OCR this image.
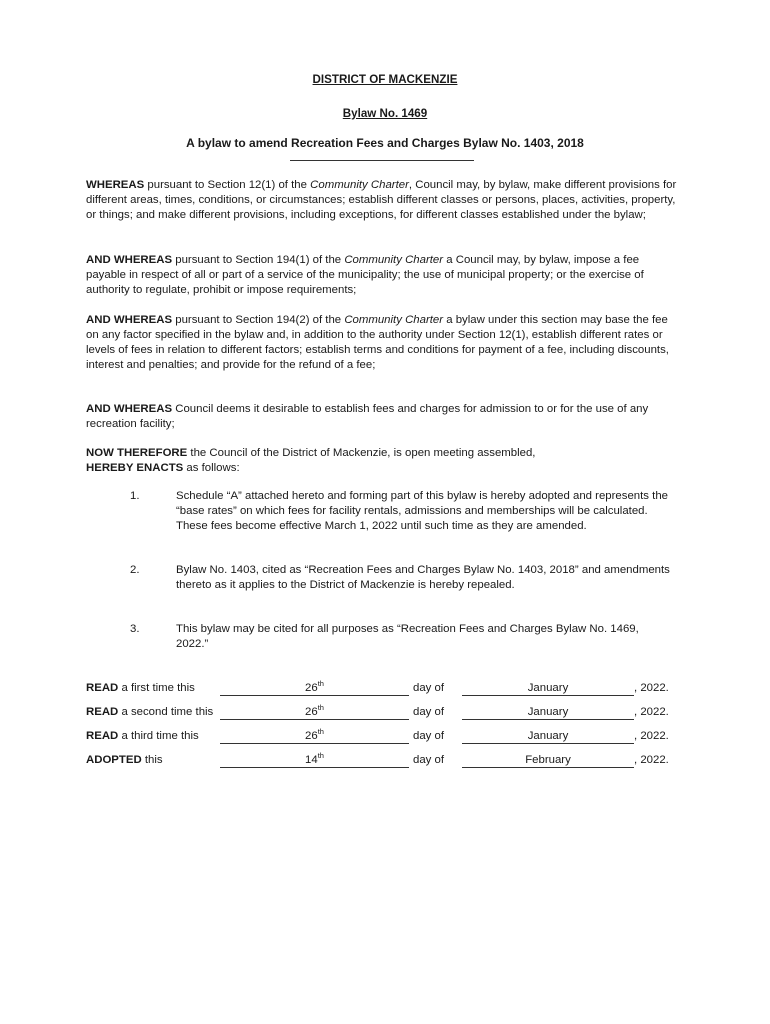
DISTRICT OF MACKENZIE
Bylaw No. 1469
A bylaw to amend Recreation Fees and Charges Bylaw No. 1403, 2018
WHEREAS pursuant to Section 12(1) of the Community Charter, Council may, by bylaw, make different provisions for different areas, times, conditions, or circumstances; establish different classes or persons, places, activities, property, or things; and make different provisions, including exceptions, for different classes established under the bylaw;
AND WHEREAS pursuant to Section 194(1) of the Community Charter a Council may, by bylaw, impose a fee payable in respect of all or part of a service of the municipality; the use of municipal property; or the exercise of authority to regulate, prohibit or impose requirements;
AND WHEREAS pursuant to Section 194(2) of the Community Charter a bylaw under this section may base the fee on any factor specified in the bylaw and, in addition to the authority under Section 12(1), establish different rates or levels of fees in relation to different factors; establish terms and conditions for payment of a fee, including discounts, interest and penalties; and provide for the refund of a fee;
AND WHEREAS Council deems it desirable to establish fees and charges for admission to or for the use of any recreation facility;
NOW THEREFORE the Council of the District of Mackenzie, is open meeting assembled,
HEREBY ENACTS as follows:
1.	Schedule “A” attached hereto and forming part of this bylaw is hereby adopted and represents the “base rates” on which fees for facility rentals, admissions and memberships will be calculated. These fees become effective March 1, 2022 until such time as they are amended.
2.	Bylaw No. 1403, cited as “Recreation Fees and Charges Bylaw No. 1403, 2018” and amendments thereto as it applies to the District of Mackenzie is hereby repealed.
3.	This bylaw may be cited for all purposes as “Recreation Fees and Charges Bylaw No. 1469, 2022.”
READ a first time this	26th	day of	January	, 2022.
READ a second time this	26th	day of	January	, 2022.
READ a third time this	26th	day of	January	, 2022.
ADOPTED this	14th	day of	February	, 2022.
